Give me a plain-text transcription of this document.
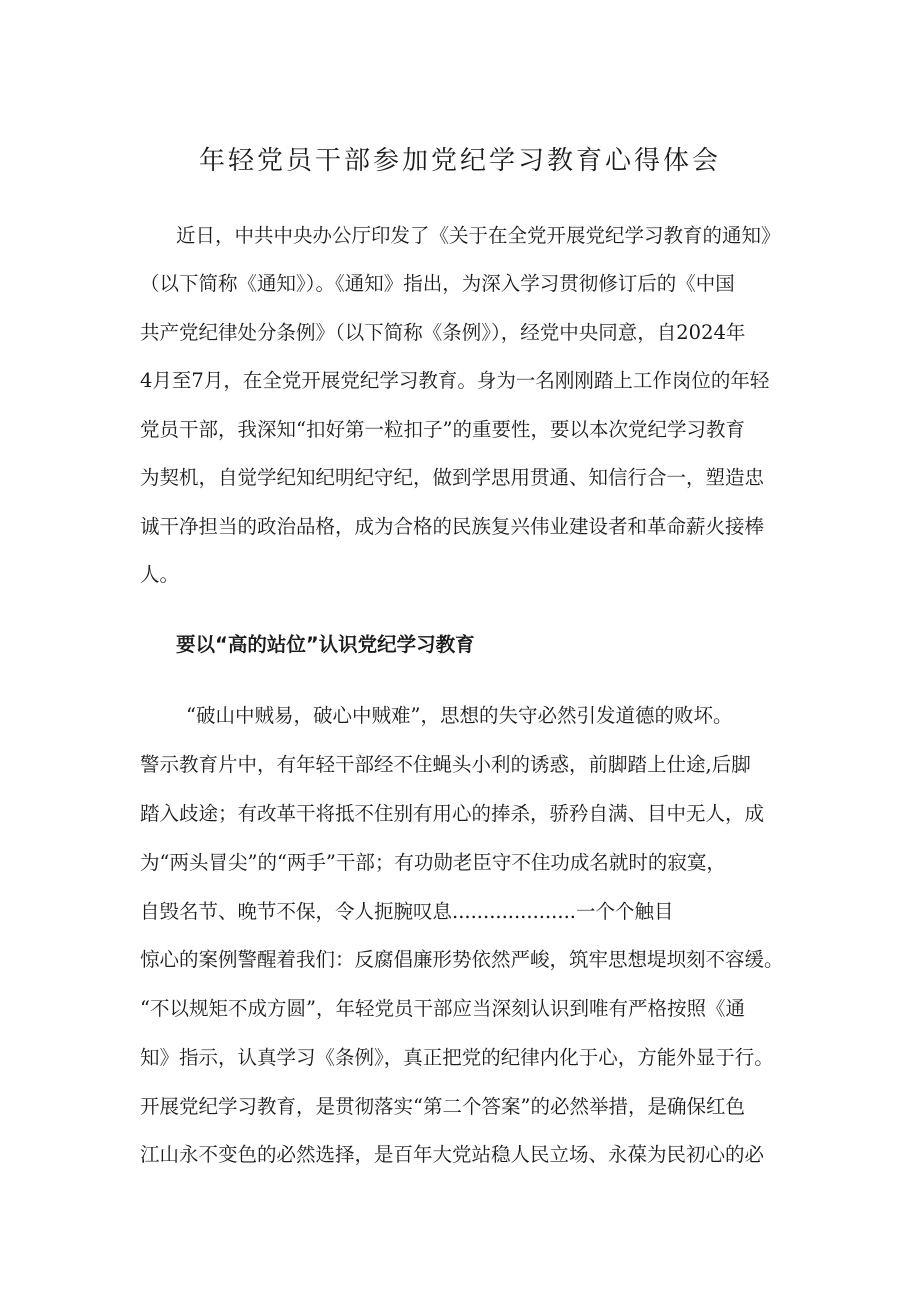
年轻党员干部参加党纪学习教育心得体会

近日，中共中央办公厅印发了《关于在全党开展党纪学习教育的通知》

（以下简称《通知》）。《通知》指出，为深入学习贯彻修订后的《中国

共产党纪律处分条例》（以下简称《条例》），经党中央同意，自2024年

4月至7月，在全党开展党纪学习教育。身为一名刚刚踏上工作岗位的年轻

党员干部，我深知“扣好第一粒扣子”的重要性，要以本次党纪学习教育

为契机，自觉学纪知纪明纪守纪，做到学思用贯通、知信行合一，塑造忠

诚干净担当的政治品格，成为合格的民族复兴伟业建设者和革命薪火接棒

人。

要以“高的站位”认识党纪学习教育

“破山中贼易，破心中贼难”，思想的失守必然引发道德的败坏。

警示教育片中，有年轻干部经不住蝇头小利的诱惑，前脚踏上仕途,后脚

踏入歧途；有改革干将抵不住别有用心的捧杀，骄矜自满、目中无人，成

为“两头冒尖”的“两手”干部；有功勋老臣守不住功成名就时的寂寞，

自毁名节、晚节不保，令人扼腕叹息....................一个个触目

惊心的案例警醒着我们：反腐倡廉形势依然严峻，筑牢思想堤坝刻不容缓。

“不以规矩不成方圆”，年轻党员干部应当深刻认识到唯有严格按照《通

知》指示，认真学习《条例》，真正把党的纪律内化于心，方能外显于行。

开展党纪学习教育，是贯彻落实“第二个答案”的必然举措，是确保红色

江山永不变色的必然选择，是百年大党站稳人民立场、永葆为民初心的必
